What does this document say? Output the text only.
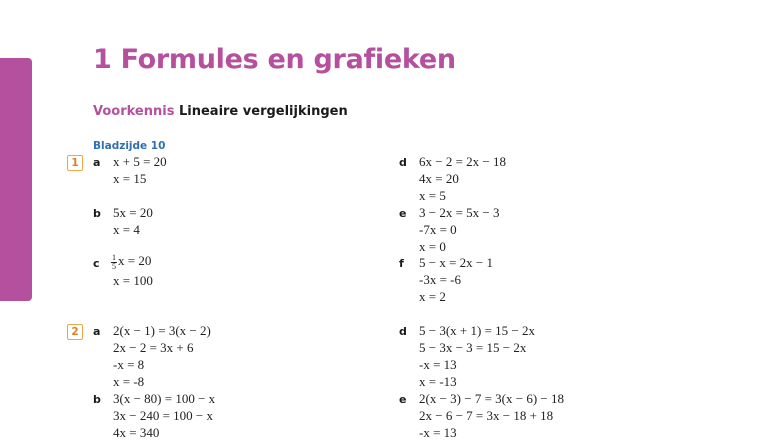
1 Formules en grafieken
Voorkennis Lineaire vergelijkingen
Bladzijde 10
1	a x + 5 = 20
x = 15
b 5x = 20
x = 4
c $\frac{1}{5}$ x = 20
x = 100
d 6x − 2 = 2x − 18
4x = 20
x = 5
e 3 − 2x = 5x − 3
-7x = 0
x = 0
f 5 − x = 2x − 1
-3x = -6
x = 2
2	a 2(x − 1) = 3(x − 2)
2x − 2 = 3x + 6
-x = 8
x = -8
b 3(x − 80) = 100 − x
3x − 240 = 100 − x
4x = 340
d 5 − 3(x + 1) = 15 − 2x
5 − 3x − 3 = 15 − 2x
-x = 13
x = -13
e 2(x − 3) − 7 = 3(x − 6) − 18
2x − 6 − 7 = 3x − 18 + 18
-x = 13
